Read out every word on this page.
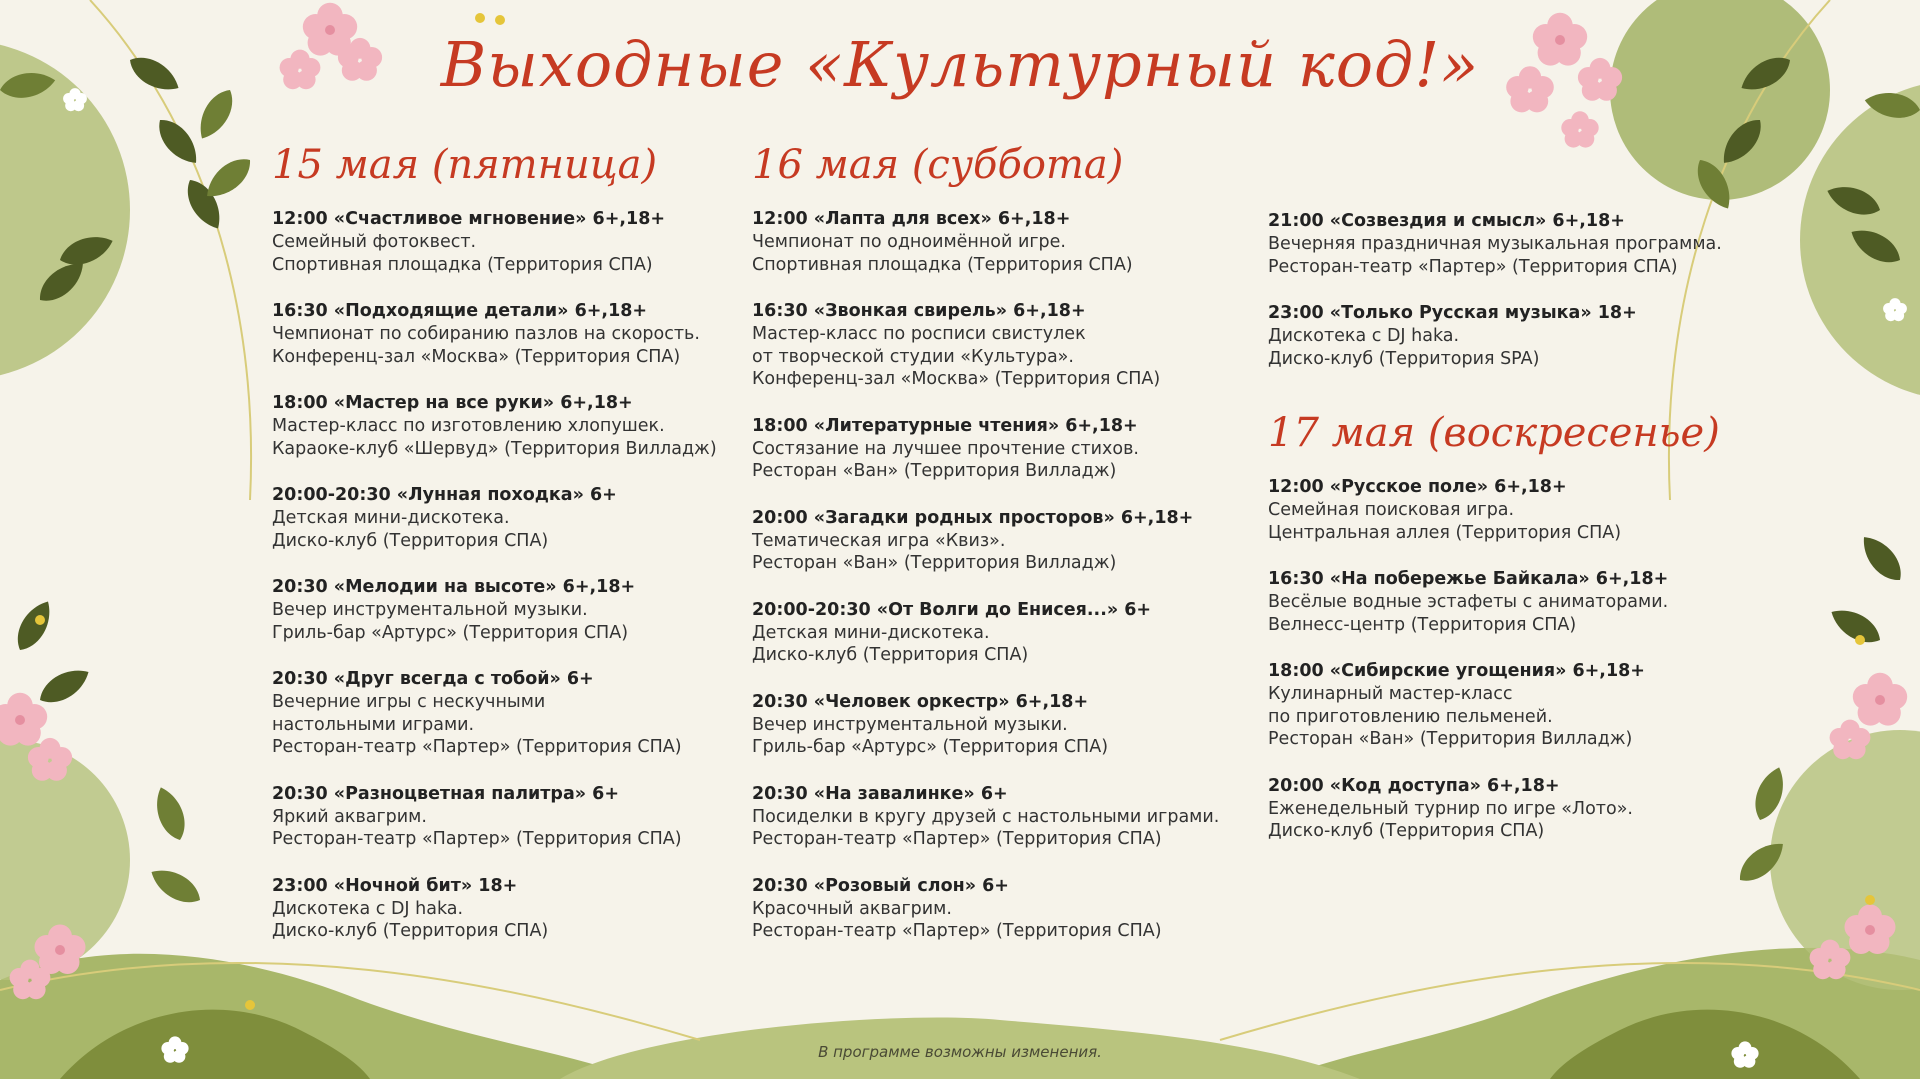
Выходные «Культурный код!»
15 мая (пятница)
12:00 «Счастливое мгновение» 6+,18+
Семейный фотоквест.
Спортивная площадка (Территория СПА)
16:30 «Подходящие детали» 6+,18+
Чемпионат по собиранию пазлов на скорость.
Конференц-зал «Москва» (Территория СПА)
18:00 «Мастер на все руки» 6+,18+
Мастер-класс по изготовлению хлопушек.
Караоке-клуб «Шервуд» (Территория Вилладж)
20:00-20:30 «Лунная походка» 6+
Детская мини-дискотека.
Диско-клуб (Территория СПА)
20:30 «Мелодии на высоте» 6+,18+
Вечер инструментальной музыки.
Гриль-бар «Артурс» (Территория СПА)
20:30 «Друг всегда с тобой» 6+
Вечерние игры с нескучными
настольными играми.
Ресторан-театр «Партер» (Территория СПА)
20:30 «Разноцветная палитра» 6+
Яркий аквагрим.
Ресторан-театр «Партер» (Территория СПА)
23:00 «Ночной бит» 18+
Дискотека с DJ haka.
Диско-клуб (Территория СПА)
16 мая (суббота)
12:00 «Лапта для всех» 6+,18+
Чемпионат по одноимённой игре.
Спортивная площадка (Территория СПА)
16:30 «Звонкая свирель» 6+,18+
Мастер-класс по росписи свистулек
от творческой студии «Культура».
Конференц-зал «Москва» (Территория СПА)
18:00 «Литературные чтения» 6+,18+
Состязание на лучшее прочтение стихов.
Ресторан «Ван» (Территория Вилладж)
20:00 «Загадки родных просторов» 6+,18+
Тематическая игра «Квиз».
Ресторан «Ван» (Территория Вилладж)
20:00-20:30 «От Волги до Енисея...» 6+
Детская мини-дискотека.
Диско-клуб (Территория СПА)
20:30 «Человек оркестр» 6+,18+
Вечер инструментальной музыки.
Гриль-бар «Артурс» (Территория СПА)
20:30 «На завалинке» 6+
Посиделки в кругу друзей с настольными играми.
Ресторан-театр «Партер» (Территория СПА)
20:30 «Розовый слон» 6+
Красочный аквагрим.
Ресторан-театр «Партер» (Территория СПА)
21:00 «Созвездия и смысл» 6+,18+
Вечерняя праздничная музыкальная программа.
Ресторан-театр «Партер» (Территория СПА)
23:00 «Только Русская музыка» 18+
Дискотека с DJ haka.
Диско-клуб (Территория SPA)
17 мая (воскресенье)
12:00 «Русское поле» 6+,18+
Семейная поисковая игра.
Центральная аллея (Территория СПА)
16:30 «На побережье Байкала» 6+,18+
Весёлые водные эстафеты с аниматорами.
Велнесс-центр (Территория СПА)
18:00 «Сибирские угощения» 6+,18+
Кулинарный мастер-класс
по приготовлению пельменей.
Ресторан «Ван» (Территория Вилладж)
20:00 «Код доступа» 6+,18+
Еженедельный турнир по игре «Лото».
Диско-клуб (Территория СПА)
В программе возможны изменения.
